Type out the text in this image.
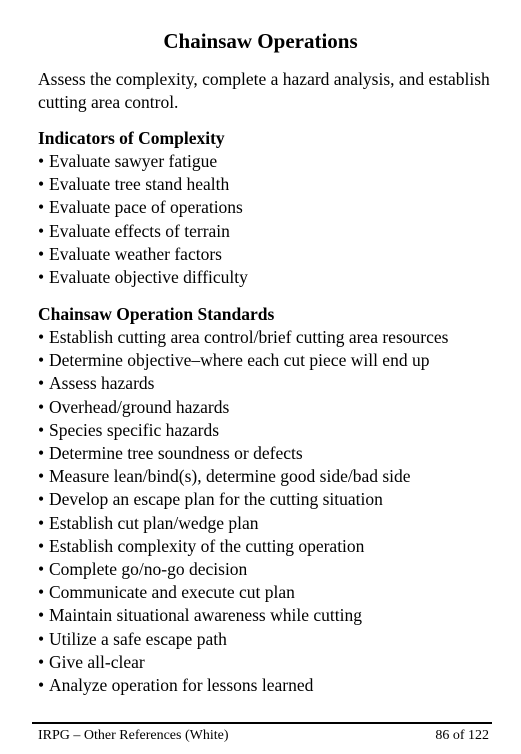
Chainsaw Operations

Assess the complexity, complete a hazard analysis, and establish cutting area control.

Indicators of Complexity
• Evaluate sawyer fatigue
• Evaluate tree stand health
• Evaluate pace of operations
• Evaluate effects of terrain
• Evaluate weather factors
• Evaluate objective difficulty
Chainsaw Operation Standards
• Establish cutting area control/brief cutting area resources
• Determine objective–where each cut piece will end up
• Assess hazards
• Overhead/ground hazards
• Species specific hazards
• Determine tree soundness or defects
• Measure lean/bind(s), determine good side/bad side
• Develop an escape plan for the cutting situation
• Establish cut plan/wedge plan
• Establish complexity of the cutting operation
• Complete go/no-go decision
• Communicate and execute cut plan
• Maintain situational awareness while cutting
• Utilize a safe escape path
• Give all-clear
• Analyze operation for lessons learned

IRPG – Other References (White)	86 of 122
